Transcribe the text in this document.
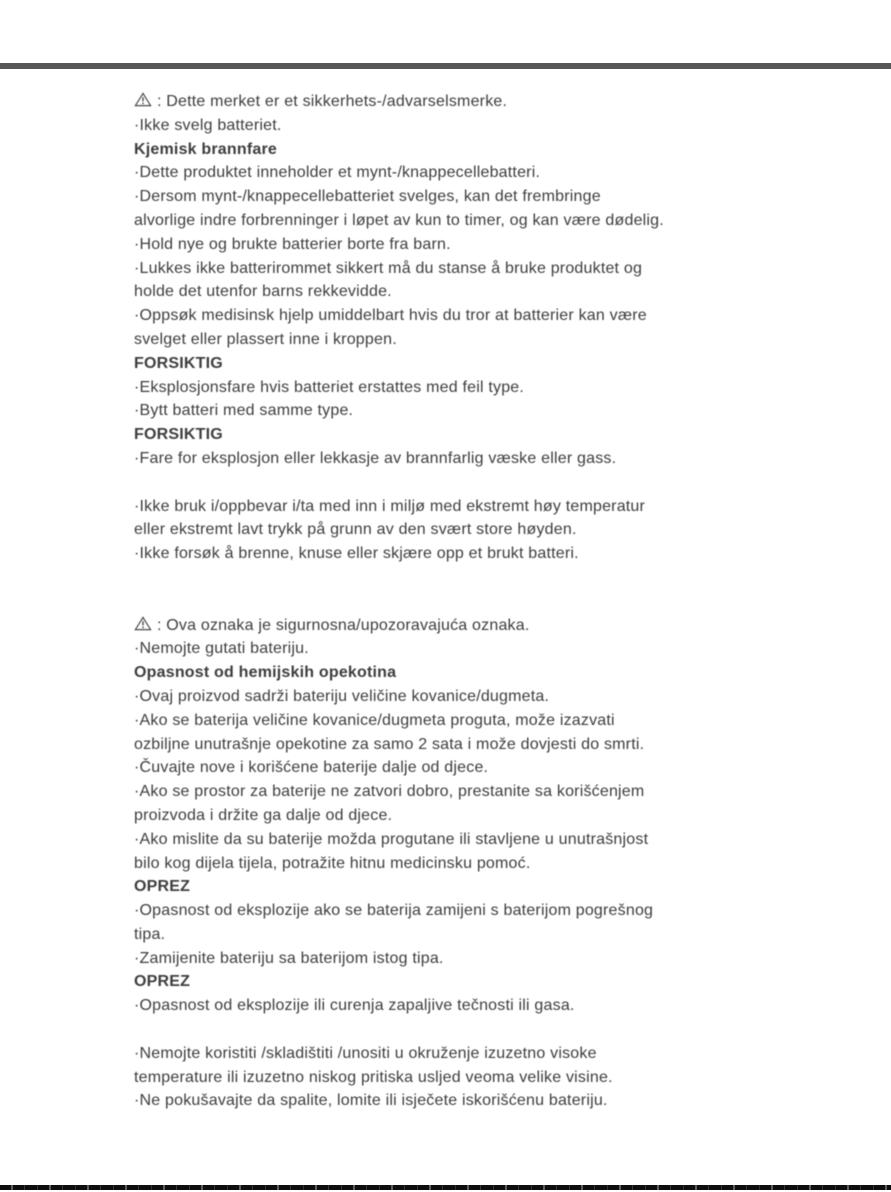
: Dette merket er et sikkerhets-/advarselsmerke.
·Ikke svelg batteriet.
Kjemisk brannfare
·Dette produktet inneholder et mynt-/knappecellebatteri.
·Dersom mynt-/knappecellebatteriet svelges, kan det frembringe
alvorlige indre forbrenninger i løpet av kun to timer, og kan være dødelig.
·Hold nye og brukte batterier borte fra barn.
·Lukkes ikke batterirommet sikkert må du stanse å bruke produktet og
holde det utenfor barns rekkevidde.
·Oppsøk medisinsk hjelp umiddelbart hvis du tror at batterier kan være
svelget eller plassert inne i kroppen.
FORSIKTIG
·Eksplosjonsfare hvis batteriet erstattes med feil type.
·Bytt batteri med samme type.
FORSIKTIG
·Fare for eksplosjon eller lekkasje av brannfarlig væske eller gass.
·Ikke bruk i/oppbevar i/ta med inn i miljø med ekstremt høy temperatur
eller ekstremt lavt trykk på grunn av den svært store høyden.
·Ikke forsøk å brenne, knuse eller skjære opp et brukt batteri.
: Ova oznaka je sigurnosna/upozoravajuća oznaka.
·Nemojte gutati bateriju.
Opasnost od hemijskih opekotina
·Ovaj proizvod sadrži bateriju veličine kovanice/dugmeta.
·Ako se baterija veličine kovanice/dugmeta proguta, može izazvati
ozbiljne unutrašnje opekotine za samo 2 sata i može dovjesti do smrti.
·Čuvajte nove i korišćene baterije dalje od djece.
·Ako se prostor za baterije ne zatvori dobro, prestanite sa korišćenjem
proizvoda i držite ga dalje od djece.
·Ako mislite da su baterije možda progutane ili stavljene u unutrašnjost
bilo kog dijela tijela, potražite hitnu medicinsku pomoć.
OPREZ
·Opasnost od eksplozije ako se baterija zamijeni s baterijom pogrešnog
tipa.
·Zamijenite bateriju sa baterijom istog tipa.
OPREZ
·Opasnost od eksplozije ili curenja zapaljive tečnosti ili gasa.
·Nemojte koristiti /skladištiti /unositi u okruženje izuzetno visoke
temperature ili izuzetno niskog pritiska usljed veoma velike visine.
·Ne pokušavajte da spalite, lomite ili isječete iskorišćenu bateriju.
